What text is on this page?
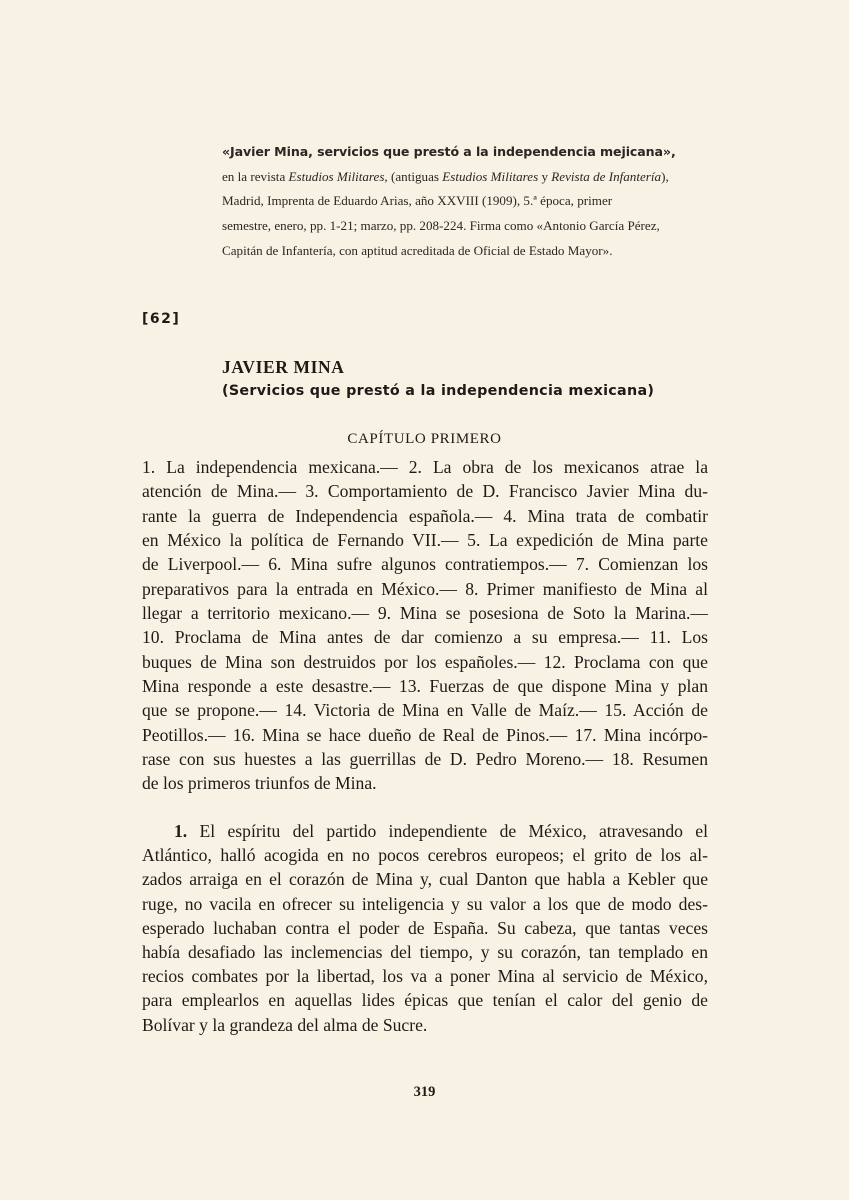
«Javier Mina, servicios que prestó a la independencia mejicana»,
en la revista Estudios Militares, (antiguas Estudios Militares y Revista de Infantería),
Madrid, Imprenta de Eduardo Arias, año XXVIII (1909), 5.ª época, primer
semestre, enero, pp. 1-21; marzo, pp. 208-224. Firma como «Antonio García Pérez,
Capitán de Infantería, con aptitud acreditada de Oficial de Estado Mayor».
[62]
JAVIER MINA
(Servicios que prestó a la independencia mexicana)
CAPÍTULO PRIMERO
1. La independencia mexicana.— 2. La obra de los mexicanos atrae la
atención de Mina.— 3. Comportamiento de D. Francisco Javier Mina du-
rante la guerra de Independencia española.— 4. Mina trata de combatir
en México la política de Fernando VII.— 5. La expedición de Mina parte
de Liverpool.— 6. Mina sufre algunos contratiempos.— 7. Comienzan los
preparativos para la entrada en México.— 8. Primer manifiesto de Mina al
llegar a territorio mexicano.— 9. Mina se posesiona de Soto la Marina.—
10. Proclama de Mina antes de dar comienzo a su empresa.— 11. Los
buques de Mina son destruidos por los españoles.— 12. Proclama con que
Mina responde a este desastre.— 13. Fuerzas de que dispone Mina y plan
que se propone.— 14. Victoria de Mina en Valle de Maíz.— 15. Acción de
Peotillos.— 16. Mina se hace dueño de Real de Pinos.— 17. Mina incórpo-
rase con sus huestes a las guerrillas de D. Pedro Moreno.— 18. Resumen
de los primeros triunfos de Mina.
1. El espíritu del partido independiente de México, atravesando el
Atlántico, halló acogida en no pocos cerebros europeos; el grito de los al-
zados arraiga en el corazón de Mina y, cual Danton que habla a Kebler que
ruge, no vacila en ofrecer su inteligencia y su valor a los que de modo des-
esperado luchaban contra el poder de España. Su cabeza, que tantas veces
había desafiado las inclemencias del tiempo, y su corazón, tan templado en
recios combates por la libertad, los va a poner Mina al servicio de México,
para emplearlos en aquellas lides épicas que tenían el calor del genio de
Bolívar y la grandeza del alma de Sucre.
319
